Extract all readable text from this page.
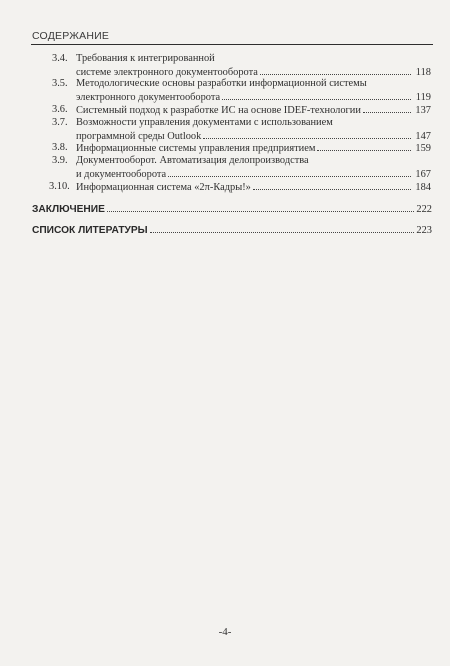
СОДЕРЖАНИЕ
3.4. Требования к интегрированной
системе электронного документооборота	118
3.5. Методологические основы разработки информационной системы
электронного документооборота	119
3.6. Системный подход к разработке ИС на основе IDEF-технологии	137
3.7. Возможности управления документами с использованием
программной среды Outlook	147
3.8. Информационные системы управления предприятием	159
3.9. Документооборот. Автоматизация делопроизводства
и документооборота	167
3.10. Информационная система «2π-Кадры!»	184
ЗАКЛЮЧЕНИЕ	222
СПИСОК ЛИТЕРАТУРЫ	223
-4-
